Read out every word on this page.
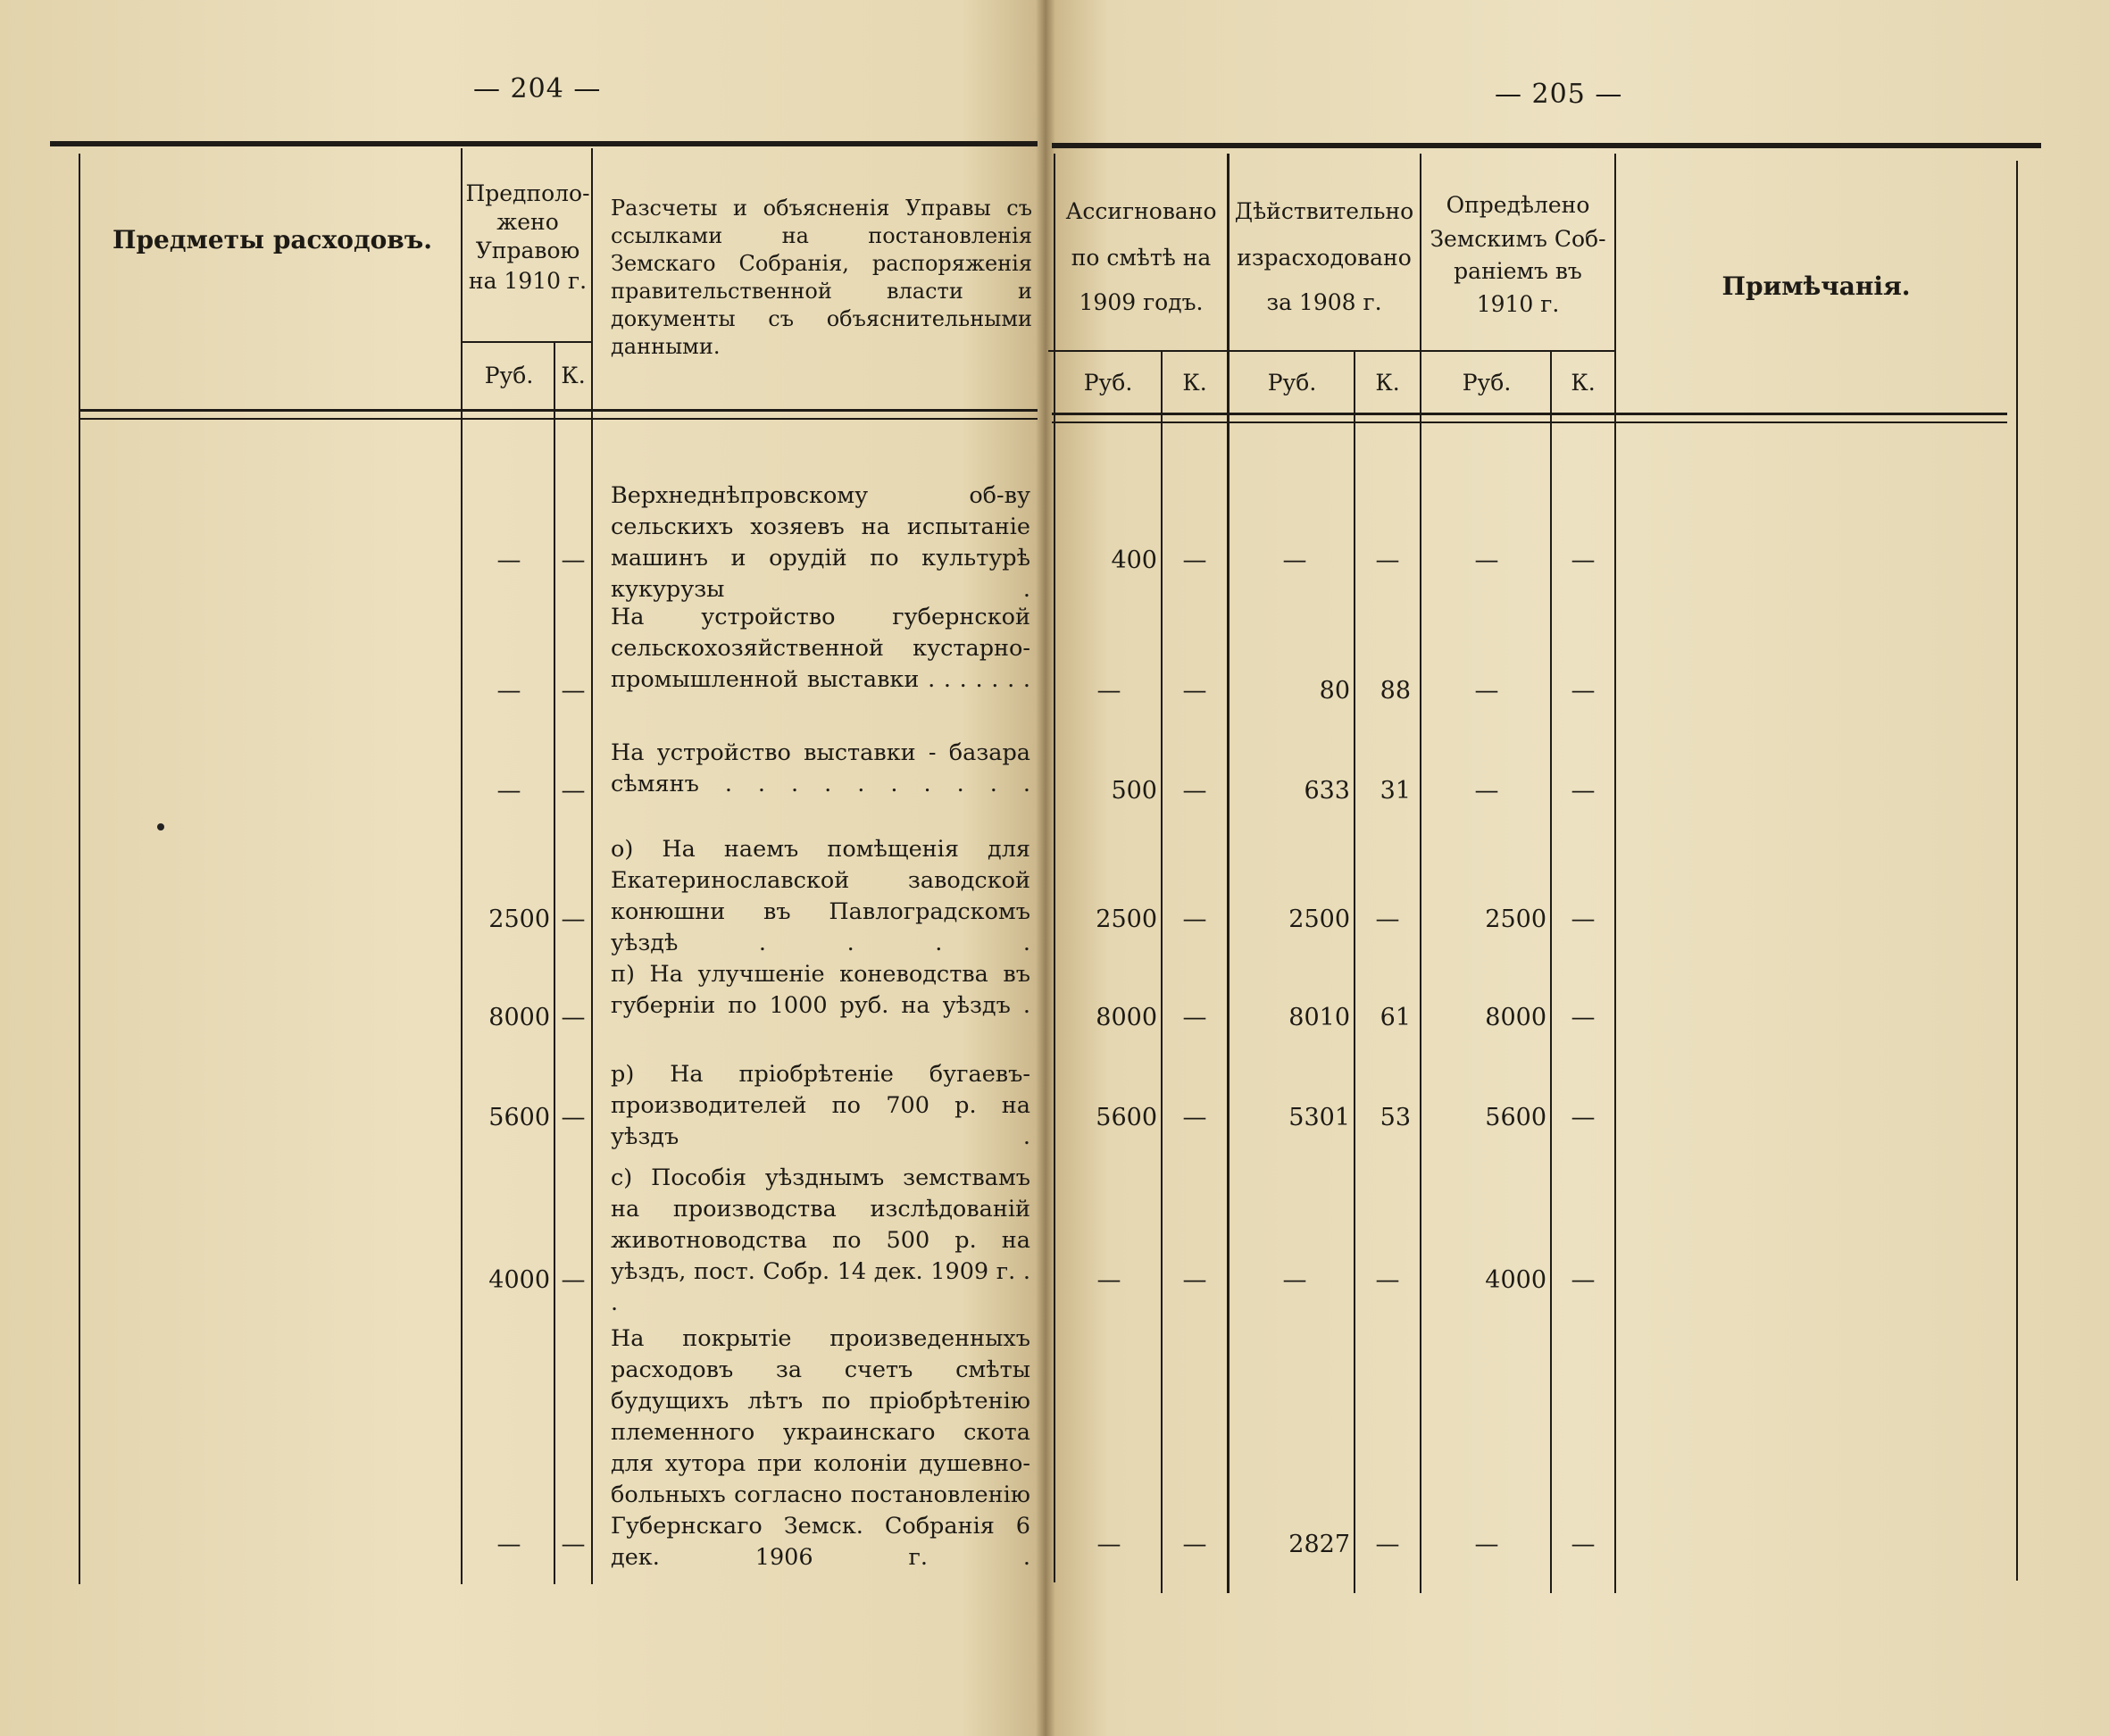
— 204 —	— 205 —
Предметы расходовъ.
Предполо-
жено
Управою
на 1910 г.
Руб.	К.
Разсчеты и объясненія Управы съ ссылками на постановленія Земскаго Собранія, распоряженія правительственной власти и документы съ объяснительными данными.
Ассигновано
по смѣтѣ на
1909 годъ.
Руб.	К.
Дѣйствительно
израсходовано
за 1908 г.
Руб.	К.
Опредѣлено
Земскимъ Соб-
раніемъ въ
1910 г.
Руб.	К.
Примѣчанія.
Верхнеднѣпровскому об-ву сельскихъ хозяевъ на испытаніе машинъ и орудій по культурѣ кукурузы .
—	—	400	—	—	—	—	—
На устройство губернской сельскохозяйственной кустарно-промышленной выставки . . . . . . .
—	—	—	—	80	88	—	—
На устройство выставки - базара сѣмянъ . . . . . . . . . .
—	—	500	—	633	31	—	—
о) На наемъ помѣщенія для Екатеринославской заводской конюшни въ Павлоградскомъ уѣздѣ . . . .
2500 —	2500	—	2500	—	2500	—
п) На улучшеніе коневодства въ губерніи по 1000 руб. на уѣздъ .
8000 —	8000	—	8010	61	8000	—
р) На пріобрѣтеніе бугаевъ-производителей по 700 р. на уѣздъ .
5600 —	5600	—	5301	53	5600	—
с) Пособія уѣзднымъ земствамъ на производства изслѣдованій животноводства по 500 р. на уѣздъ, пост. Собр. 14 дек. 1909 г. . .
4000 —	—	—	—	—	4000	—
На покрытіе произведенныхъ расходовъ за счетъ смѣты будущихъ лѣтъ по пріобрѣтенію племенного украинскаго скота для хутора при колоніи душевно-больныхъ согласно постановленію Губернскаго Земск. Собранія 6 дек. 1906 г. .
—	—	—	—	2827	—	—	—
